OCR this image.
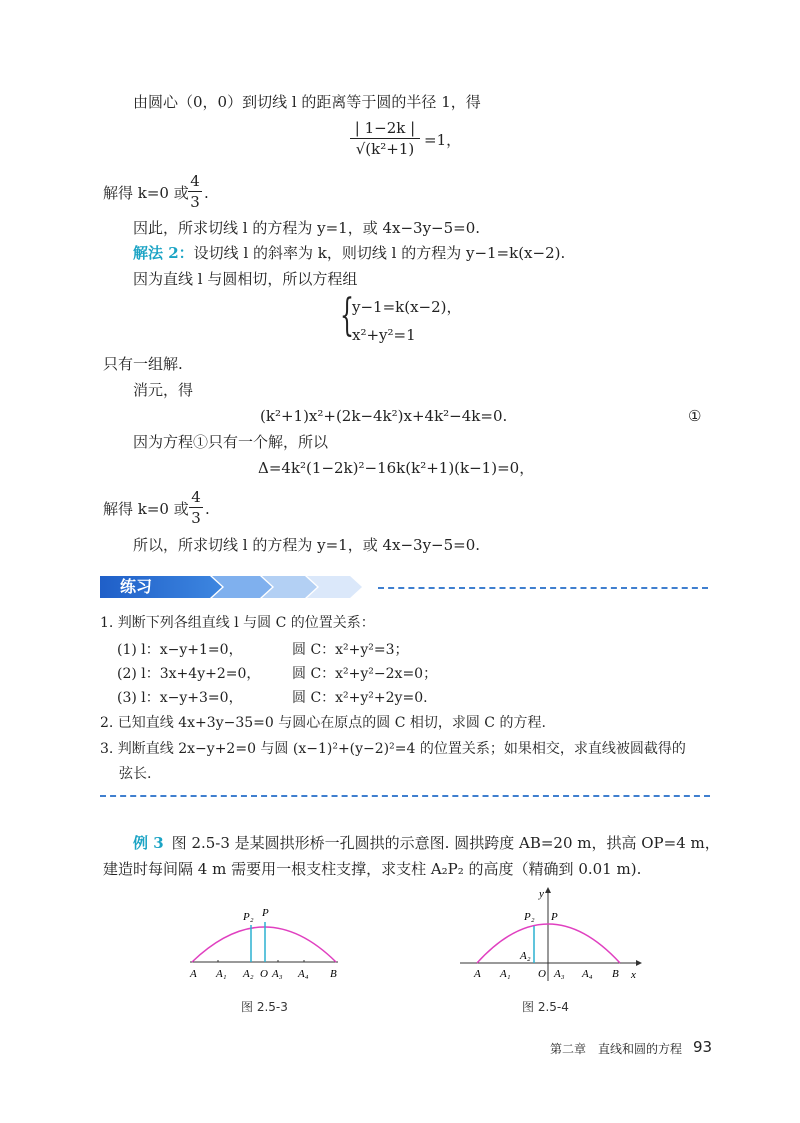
由圆心（0，0）到切线 l 的距离等于圆的半径 1，得
$\frac{| 1-2k |}{\text{√(k²+1)}} =1$，
解得 k=0 或 $\frac{4}{3}$ .
因此，所求切线 l 的方程为 y=1，或 4x−3y−5=0.
解法 2：设切线 l 的斜率为 k，则切线 l 的方程为 y−1=k(x−2).
因为直线 l 与圆相切，所以方程组
{
y−1=k(x−2)，
x²+y²=1
只有一组解.
消元，得
(k²+1)x²+(2k−4k²)x+4k²−4k=0.	①
因为方程①只有一个解，所以
Δ=4k²(1−2k)²−16k(k²+1)(k−1)=0，
解得 k=0 或 $\frac{4}{3}$ .
所以，所求切线 l 的方程为 y=1，或 4x−3y−5=0.
练习
1. 判断下列各组直线 l 与圆 C 的位置关系：
(1) l：x−y+1=0，	圆 C：x²+y²=3；
(2) l：3x+4y+2=0， 圆 C：x²+y²−2x=0；
(3) l：x−y+3=0，	圆 C：x²+y²+2y=0.
2. 已知直线 4x+3y−35=0 与圆心在原点的圆 C 相切，求圆 C 的方程.
3. 判断直线 2x−y+2=0 与圆 (x−1)²+(y−2)²=4 的位置关系；如果相交，求直线被圆截得的
弦长.
例 3 图 2.5-3 是某圆拱形桥一孔圆拱的示意图. 圆拱跨度 AB=20 m，拱高 OP=4 m，
建造时每间隔 4 m 需要用一根支柱支撑，求支柱 A₂P₂ 的高度（精确到 0.01 m).
A A₁ A₂ O A₃ A₄ B
P₂ P
图 2.5-3
y
x
A A₁ O
A₂
A₃ A₄ B
P₂ P
图 2.5-4
第二章　直线和圆的方程 93
